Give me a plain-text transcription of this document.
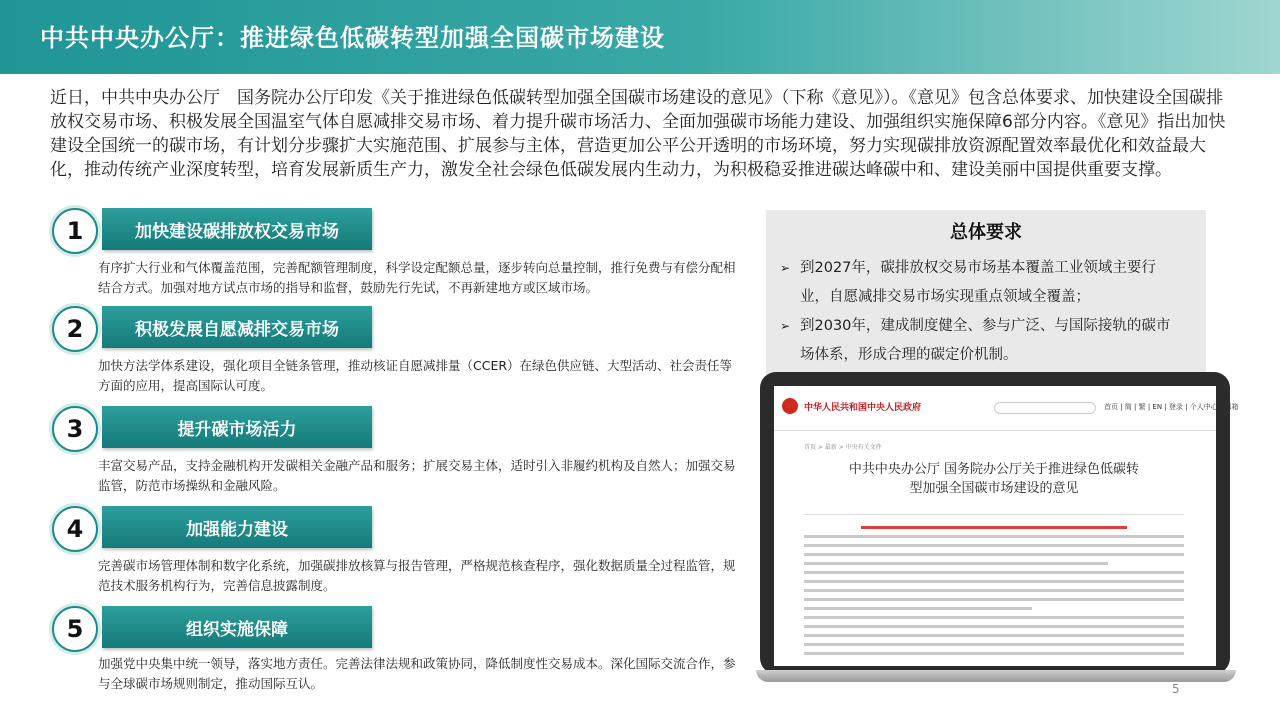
中共中央办公厅：推进绿色低碳转型加强全国碳市场建设
近日，中共中央办公厅　国务院办公厅印发《关于推进绿色低碳转型加强全国碳市场建设的意见》（下称《意见》）。《意见》包含总体要求、加快建设全国碳排放权交易市场、积极发展全国温室气体自愿减排交易市场、着力提升碳市场活力、全面加强碳市场能力建设、加强组织实施保障6部分内容。《意见》指出加快建设全国统一的碳市场，有计划分步骤扩大实施范围、扩展参与主体，营造更加公平公开透明的市场环境，努力实现碳排放资源配置效率最优化和效益最大化，推动传统产业深度转型，培育发展新质生产力，激发全社会绿色低碳发展内生动力，为积极稳妥推进碳达峰碳中和、建设美丽中国提供重要支撑。
1	加快建设碳排放权交易市场
有序扩大行业和气体覆盖范围，完善配额管理制度，科学设定配额总量，逐步转向总量控制，推行免费与有偿分配相结合方式。加强对地方试点市场的指导和监督，鼓励先行先试，不再新建地方或区域市场。
2	积极发展自愿减排交易市场
加快方法学体系建设，强化项目全链条管理，推动核证自愿减排量（CCER）在绿色供应链、大型活动、社会责任等方面的应用，提高国际认可度。
3	提升碳市场活力
丰富交易产品，支持金融机构开发碳相关金融产品和服务；扩展交易主体，适时引入非履约机构及自然人；加强交易监管，防范市场操纵和金融风险。
4	加强能力建设
完善碳市场管理体制和数字化系统，加强碳排放核算与报告管理，严格规范核查程序，强化数据质量全过程监管，规范技术服务机构行为，完善信息披露制度。
5	组织实施保障
加强党中央集中统一领导，落实地方责任。完善法律法规和政策协同，降低制度性交易成本。深化国际交流合作，参与全球碳市场规则制定，推动国际互认。
总体要求
➢ 到2027年，碳排放权交易市场基本覆盖工业领域主要行业，自愿减排交易市场实现重点领域全覆盖；
➢ 到2030年，建成制度健全、参与广泛、与国际接轨的碳市场体系，形成合理的碳定价机制。
中华人民共和国中央人民政府	首页 | 简 | 繁 | EN | 登录 | 个人中心 | 邮箱
首页 > 最新 > 中央有关文件
中共中央办公厅 国务院办公厅关于推进绿色低碳转型加强全国碳市场建设的意见
5
